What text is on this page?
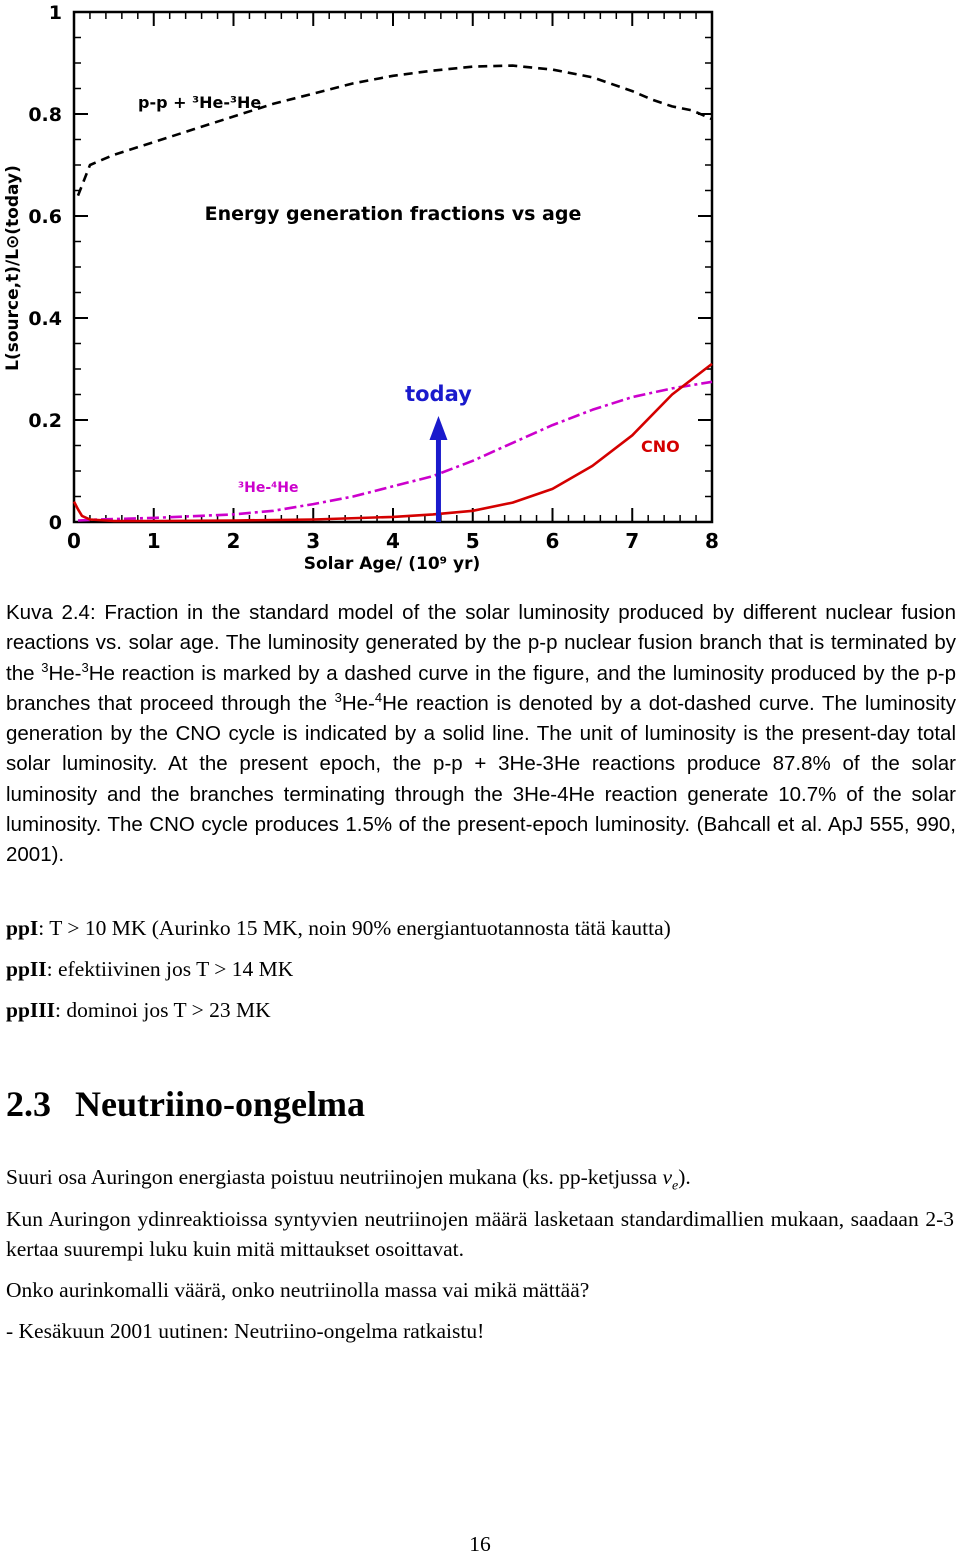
0	1	2	3	4	5	6	7	8
0
0.2
0.4
0.6
0.8
1
Solar Age/ (10⁹ yr)
L(source,t)/L⊙(today)	Energy generation fractions vs age
p-p + ³He-³He
³He-⁴He
CNO
today

Kuva 2.4: Fraction in the standard model of the solar luminosity produced by different nuclear fusion reactions vs. solar age. The luminosity generated by the p-p nuclear fusion branch that is terminated by the $^3$He-$^3$He reaction is marked by a dashed curve in the figure, and the luminosity produced by the p-p branches that proceed through the $^3$He-$^4$He reaction is denoted by a dot-dashed curve. The luminosity generation by the CNO cycle is indicated by a solid line. The unit of luminosity is the present-day total solar luminosity. At the present epoch, the p-p + 3He-3He reactions produce 87.8% of the solar luminosity and the branches terminating through the 3He-4He reaction generate 10.7% of the solar luminosity. The CNO cycle produces 1.5% of the present-epoch luminosity. (Bahcall et al. ApJ 555, 990, 2001).

ppI: T > 10 MK (Aurinko 15 MK, noin 90% energiantuotannosta tätä kautta)

ppII: efektiivinen jos T > 14 MK

ppIII: dominoi jos T > 23 MK

2.3 Neutriino-ongelma

Suuri osa Auringon energiasta poistuu neutriinojen mukana (ks. pp-ketjussa $\nu_e$).

Kun Auringon ydinreaktioissa syntyvien neutriinojen määrä lasketaan standardimallien mukaan, saadaan 2-3 kertaa suurempi luku kuin mitä mittaukset osoittavat.

Onko aurinkomalli väärä, onko neutriinolla massa vai mikä mättää?

- Kesäkuun 2001 uutinen: Neutriino-ongelma ratkaistu!

16
